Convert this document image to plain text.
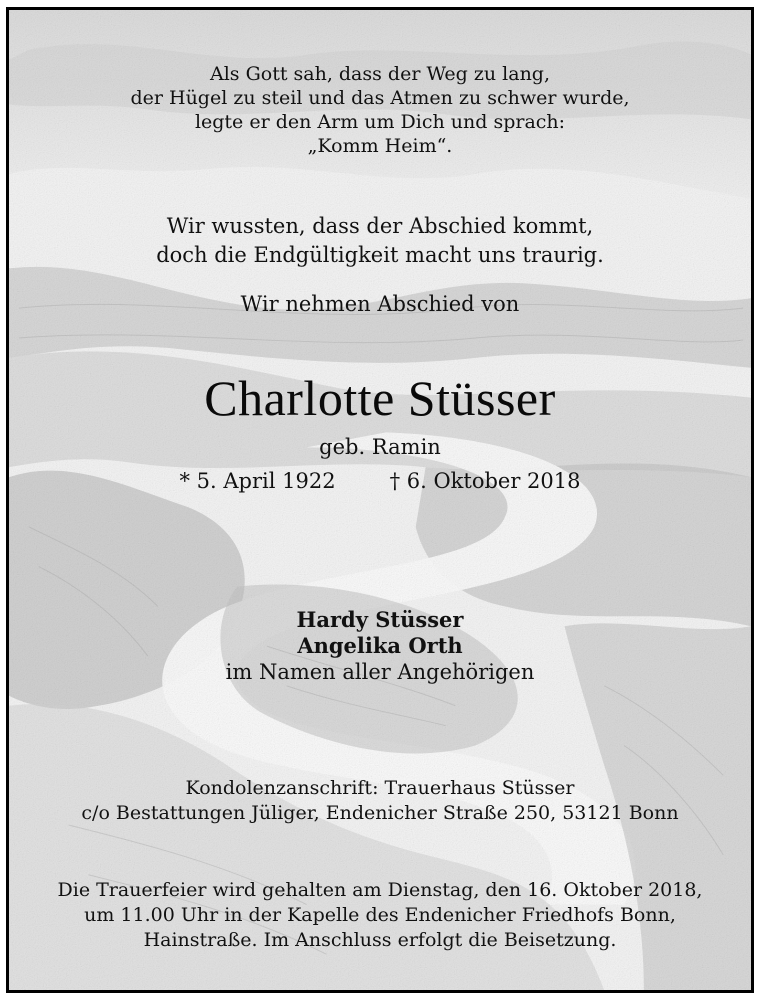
Als Gott sah, dass der Weg zu lang,
der Hügel zu steil und das Atmen zu schwer wurde,
legte er den Arm um Dich und sprach:
„Komm Heim“.
Wir wussten, dass der Abschied kommt,
doch die Endgültigkeit macht uns traurig.
Wir nehmen Abschied von
Charlotte Stüsser
geb. Ramin
* 5. April 1922	† 6. Oktober 2018
Hardy Stüsser
Angelika Orth
im Namen aller Angehörigen
Kondolenzanschrift: Trauerhaus Stüsser
c/o Bestattungen Jüliger, Endenicher Straße 250, 53121 Bonn
Die Trauerfeier wird gehalten am Dienstag, den 16. Oktober 2018,
um 11.00 Uhr in der Kapelle des Endenicher Friedhofs Bonn,
Hainstraße. Im Anschluss erfolgt die Beisetzung.
